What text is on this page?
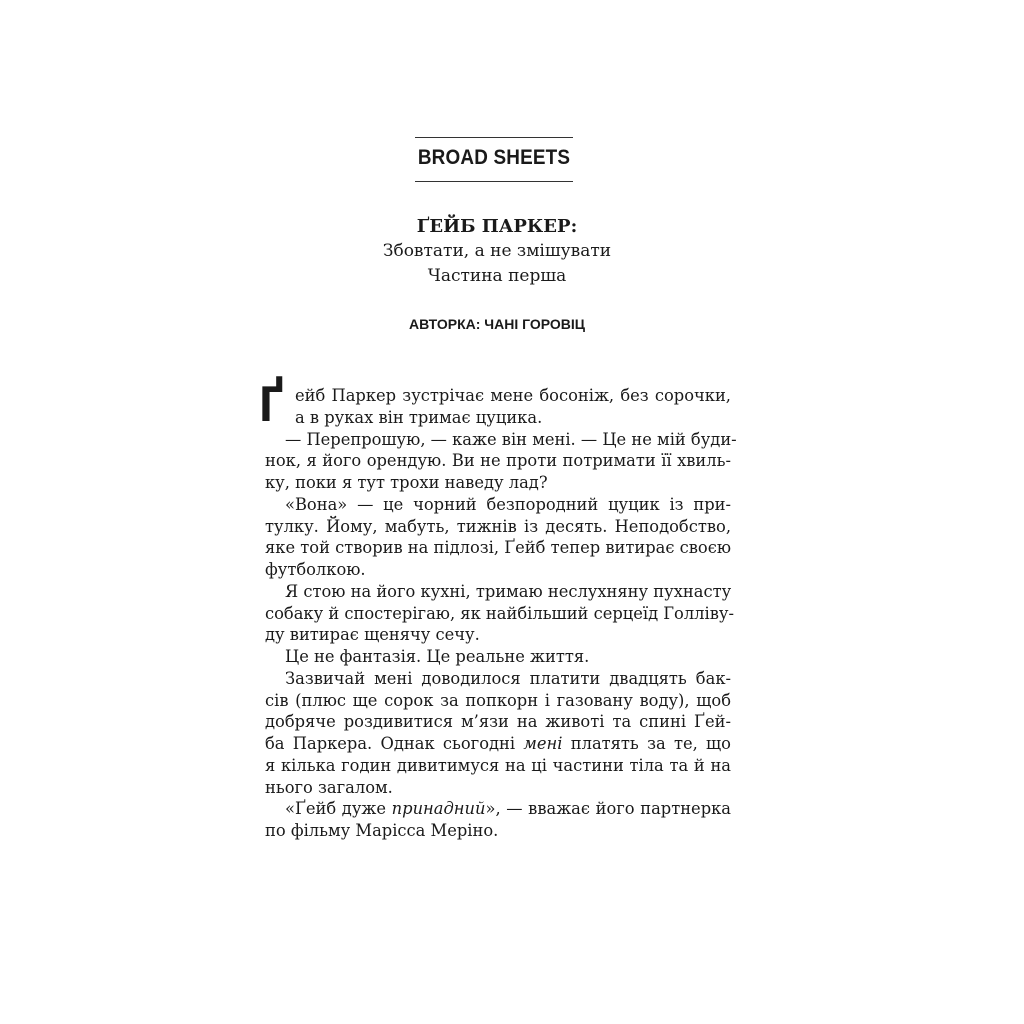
BROAD SHEETS
ҐЕЙБ ПАРКЕР:
Збовтати, а не змішувати
Частина перша
АВТОРКА: ЧАНІ ГОРОВІЦ
Ґ ейб Паркер зустрічає мене босоніж, без сорочки,
а в руках він тримає цуцика.
— Перепрошую, — каже він мені. — Це не мій буди-
нок, я його орендую. Ви не проти потримати її хвиль-
ку, поки я тут трохи наведу лад?
«Вона» — це чорний безпородний цуцик із при-
тулку. Йому, мабуть, тижнів із десять. Неподобство,
яке той створив на підлозі, Ґейб тепер витирає своєю
футболкою.
Я стою на його кухні, тримаю неслухняну пухнасту
собаку й спостерігаю, як найбільший серцеїд Голліву-
ду витирає щенячу сечу.
Це не фантазія. Це реальне життя.
Зазвичай мені доводилося платити двадцять бак-
сів (плюс ще сорок за попкорн і газовану воду), щоб
добряче роздивитися м’язи на животі та спині Ґей-
ба Паркера. Однак сьогодні мені платять за те, що
я кілька годин дивитимуся на ці частини тіла та й на
нього загалом.
«Ґейб дуже принадний», — вважає його партнерка
по фільму Марісса Меріно.
